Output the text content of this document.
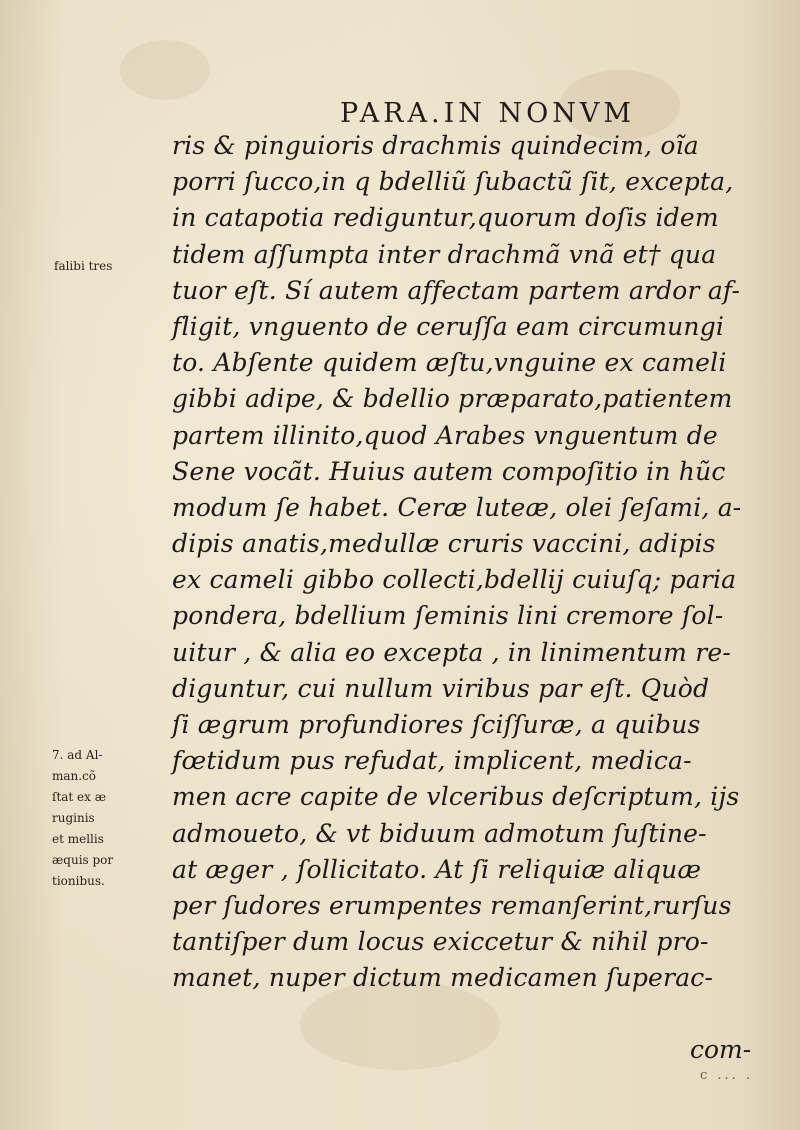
PARA.IN NONVM
falibi tres
7. ad Al-
man.cõ
ſtat ex æ
ruginis
et mellis
æquis por
tionibus.
ris & pinguioris drachmis quindecim, oĩa
porri ſucco,in q bdelliũ ſubactũ ſit, excepta,
in catapotia rediguntur,quorum doſis idem
tidem aſſumpta inter drachmã vnã et† qua
tuor eſt. Sí autem affectam partem ardor af-
fligit, vnguento de ceruſſa eam circumungi
to. Abſente quidem æſtu,vnguine ex cameli
gibbi adipe, & bdellio præparato,patientem
partem illinito,quod Arabes vnguentum de
Sene vocãt. Huius autem compoſitio in hũc
modum ſe habet. Ceræ luteæ, olei ſeſami, a-
dipis anatis,medullæ cruris vaccini, adipis
ex cameli gibbo collecti,bdellij cuiuſq; paria
pondera, bdellium ſeminis lini cremore ſol-
uitur , & alia eo excepta , in linimentum re-
diguntur, cui nullum viribus par eſt. Quòd
ſi ægrum profundiores ſciſſuræ, a quibus
fœtidum pus refudat, implicent, medica-
men acre capite de vlceribus deſcriptum, ijs
admoueto, & vt biduum admotum ſuſtine-
at æger , ſollicitato. At ſi reliquiæ aliquæ
per ſudores erumpentes remanſerint,rurſus
tantiſper dum locus exiccetur & nihil pro-
manet, nuper dictum medicamen ſuperac-
com-
c ... .
